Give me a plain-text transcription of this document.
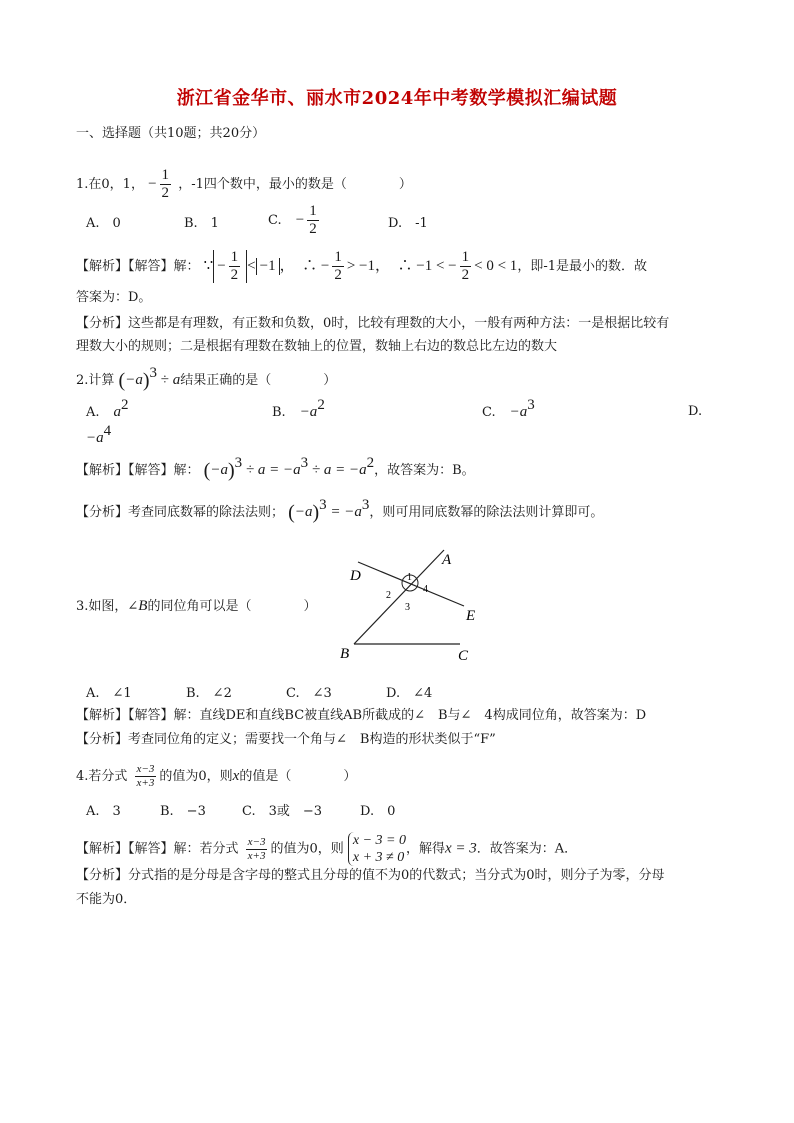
浙江省金华市、丽水市2024年中考数学模拟汇编试题
一、选择题（共10题；共20分）
1.在0，1， − $\frac{1}{2}$ ，-1四个数中，最小的数是（　　　　）
A.　0	B.　1	C. − $\frac{1}{2}$	D.　-1
【解析】【解答】解： ∵ − $\frac{1}{2} < -1$ ，　∴ − $\frac{1}{2} > -1$，　∴ −1 < − $\frac{1}{2} < 0 < 1$，即-1是最小的数．故
答案为：D。
【分析】这些都是有理数，有正数和负数，0时，比较有理数的大小，一般有两种方法：一是根据比较有
理数大小的规则；二是根据有理数在数轴上的位置，数轴上右边的数总比左边的数大
2.计算 $(-a)^3 \div a$结果正确的是（　　　　）
A. $a^2$	B. $-a^2$	C. $-a^3$	D.
$-a^4$
【解析】【解答】解： $(-a)^3 \div a = -a^3 \div a = -a^2$，故答案为：B。
【分析】考查同底数幂的除法法则； $(-a)^3 = -a^3$，则可用同底数幂的除法法则计算即可。
3.如图，∠B的同位角可以是（　　　　）
A
D
E
B	C
1
2
3
4
A.　∠1	B.　∠2	C.　∠3	D.　∠4
【解析】【解答】解：直线DE和直线BC被直线AB所截成的∠　B与∠　4构成同位角，故答案为：D
【分析】考查同位角的定义；需要找一个角与∠　B构造的形状类似于“F”
4.若分式 $\frac{x-3}{x+3}$ 的值为0，则x的值是（　　　　）
A.　3	B.　−3	C.　3或　−3	D.　0
【解析】【解答】解：若分式 $\frac{x-3}{x+3}$ 的值为0，则
x − 3 = 0
x + 3 ≠ 0
，解得x = 3．故答案为：A．
【分析】分式指的是分母是含字母的整式且分母的值不为0的代数式；当分式为0时，则分子为零，分母
不能为0．
